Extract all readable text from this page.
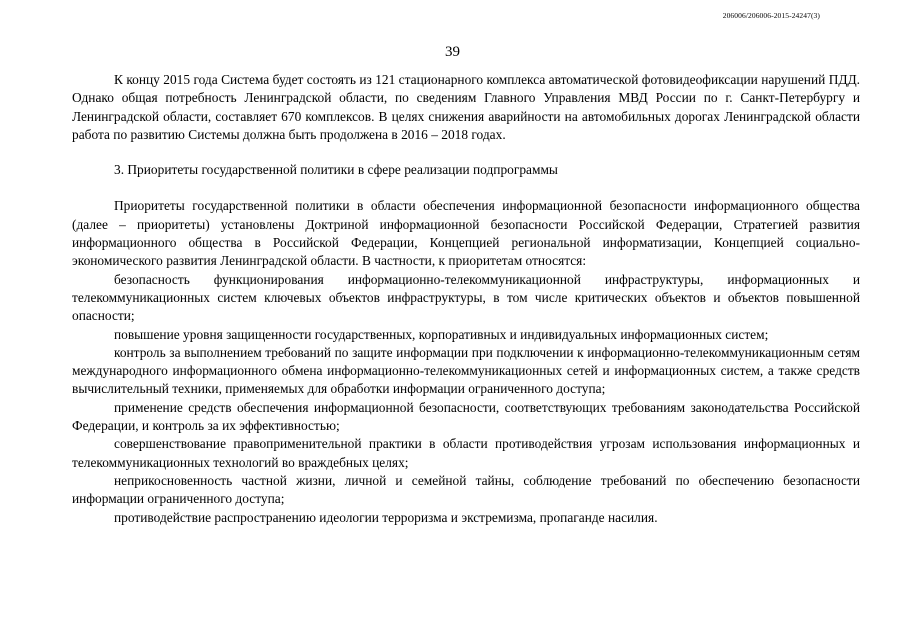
206006/206006-2015-24247(3)
39

К концу 2015 года Система будет состоять из 121 стационарного комплекса автоматической фотовидеофиксации нарушений ПДД. Однако общая потребность Ленинградской области, по сведениям Главного Управления МВД России по г. Санкт-Петербургу и Ленинградской области, составляет 670 комплексов. В целях снижения аварийности на автомобильных дорогах Ленинградской области работа по развитию Системы должна быть продолжена в 2016 – 2018 годах.

3. Приоритеты государственной политики в сфере реализации подпрограммы

Приоритеты государственной политики в области обеспечения информационной безопасности информационного общества (далее – приоритеты) установлены Доктриной информационной безопасности Российской Федерации, Стратегией развития информационного общества в Российской Федерации, Концепцией региональной информатизации, Концепцией социально-экономического развития Ленинградской области. В частности, к приоритетам относятся:

безопасность функционирования информационно-телекоммуникационной инфраструктуры, информационных и телекоммуникационных систем ключевых объектов инфраструктуры, в том числе критических объектов и объектов повышенной опасности;

повышение уровня защищенности государственных, корпоративных и индивидуальных информационных систем;

контроль за выполнением требований по защите информации при подключении к информационно-телекоммуникационным сетям международного информационного обмена информационно-телекоммуникационных сетей и информационных систем, а также средств вычислительный техники, применяемых для обработки информации ограниченного доступа;

применение средств обеспечения информационной безопасности, соответствующих требованиям законодательства Российской Федерации, и контроль за их эффективностью;

совершенствование правоприменительной практики в области противодействия угрозам использования информационных и телекоммуникационных технологий во враждебных целях;

неприкосновенность частной жизни, личной и семейной тайны, соблюдение требований по обеспечению безопасности информации ограниченного доступа;

противодействие распространению идеологии терроризма и экстремизма, пропаганде насилия.
